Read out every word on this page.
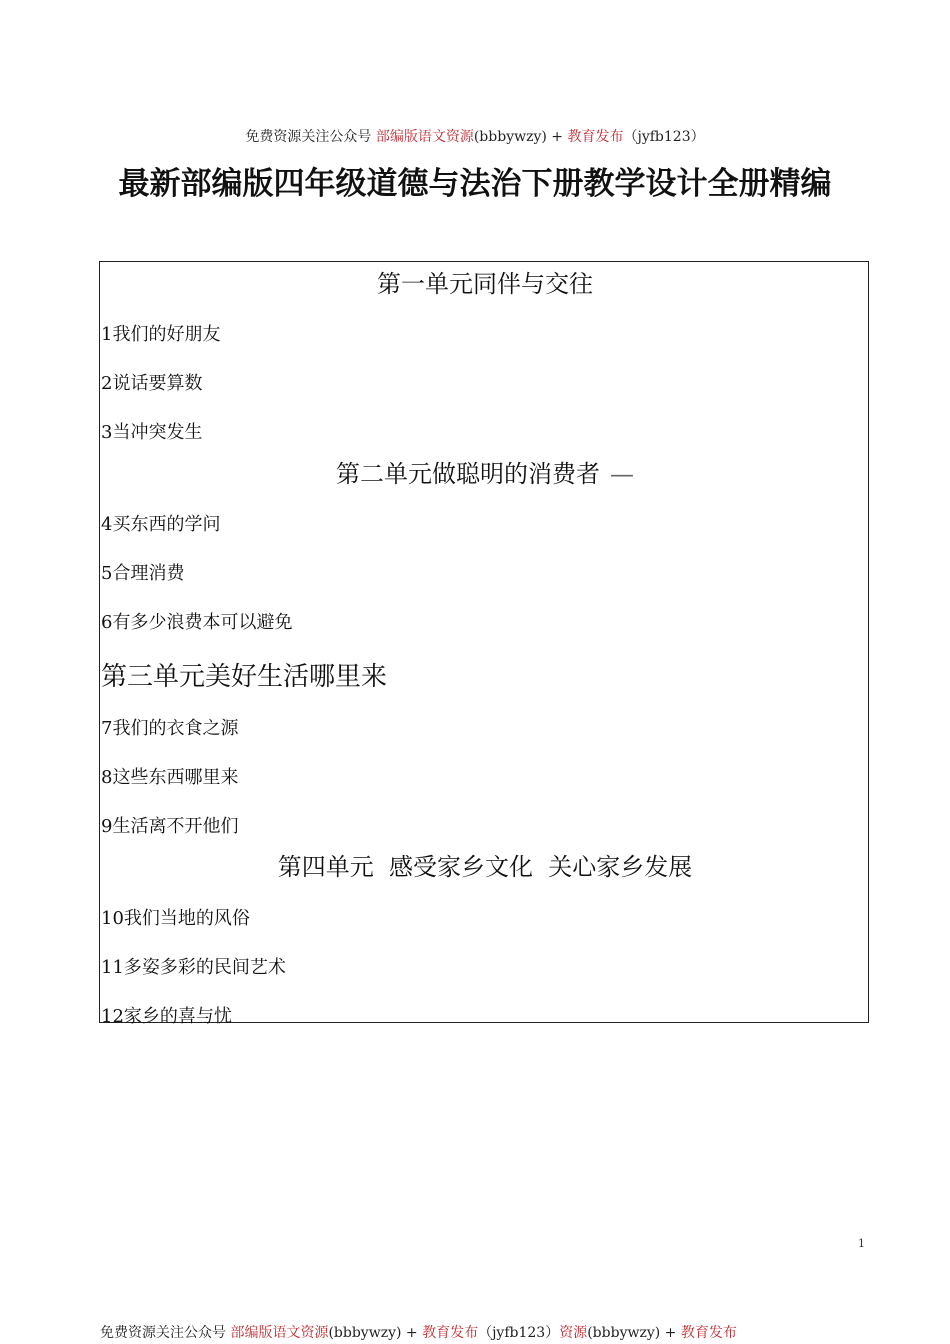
免费资源关注公众号 部编版语文资源(bbbywzy) + 教育发布（jyfb123）
最新部编版四年级道德与法治下册教学设计全册精编
第一单元同伴与交往
1我们的好朋友
2说话要算数
3当冲突发生
第二单元做聪明的消费者 —
4买东西的学问
5合理消费
6有多少浪费本可以避免
第三单元美好生活哪里来
7我们的衣食之源
8这些东西哪里来
9生活离不开他们
第四单元  感受家乡文化  关心家乡发展
10我们当地的风俗
11多姿多彩的民间艺术
12家乡的喜与忧
1
免费资源关注公众号 部编版语文资源(bbbywzy) + 教育发布（jyfb123）资源(bbbywzy) + 教育发布
